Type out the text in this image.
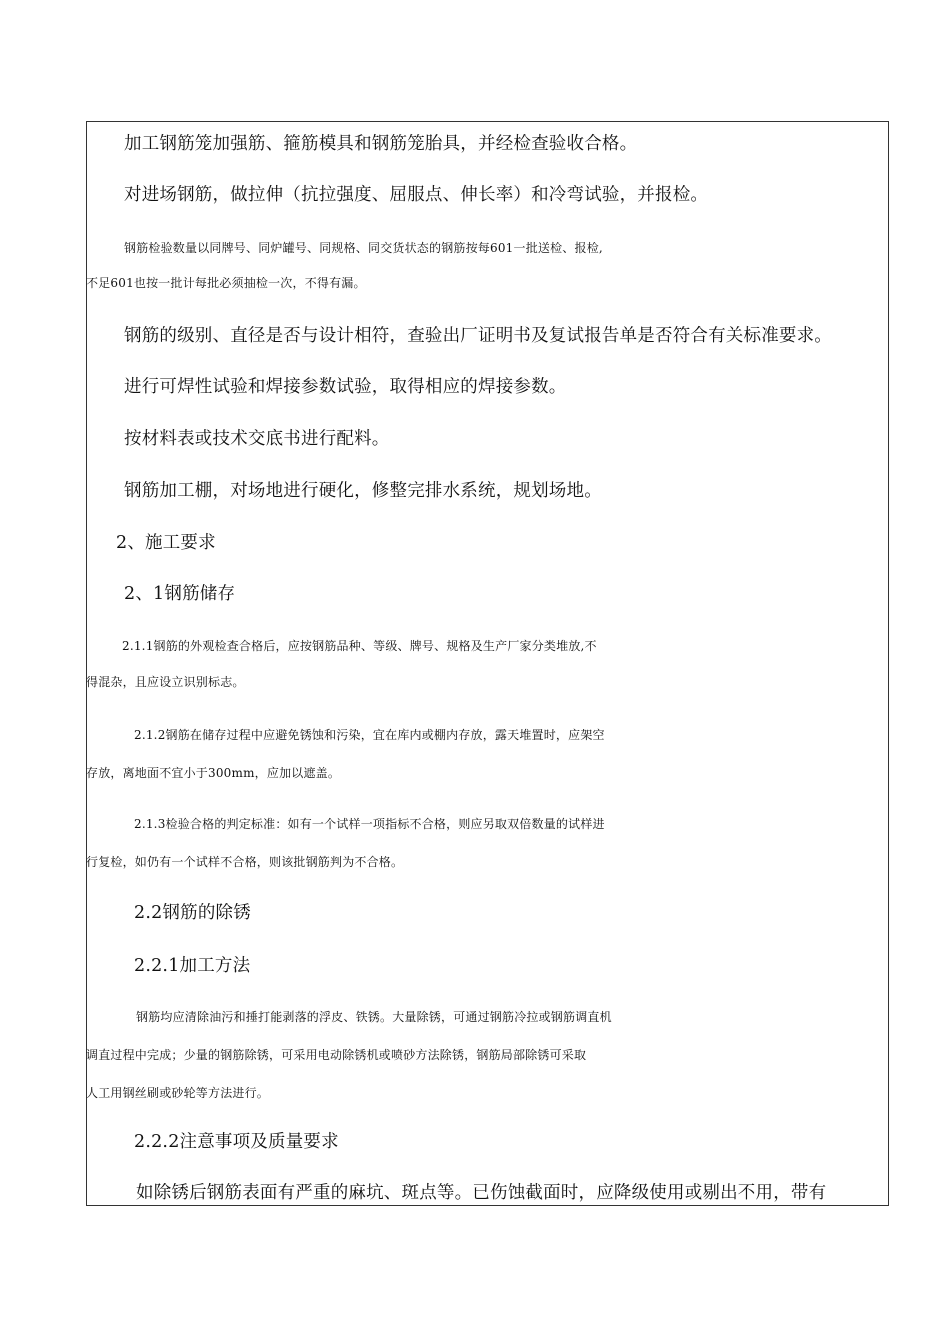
加工钢筋笼加强筋、箍筋模具和钢筋笼胎具，并经检查验收合格。
对进场钢筋，做拉伸（抗拉强度、屈服点、伸长率）和冷弯试验，并报检。
钢筋检验数量以同牌号、同炉罐号、同规格、同交货状态的钢筋按每601一批送检、报检,
不足601也按一批计每批必须抽检一次，不得有漏。
钢筋的级别、直径是否与设计相符，查验出厂证明书及复试报告单是否符合有关标准要求。
进行可焊性试验和焊接参数试验，取得相应的焊接参数。
按材料表或技术交底书进行配料。
钢筋加工棚，对场地进行硬化，修整完排水系统，规划场地。
2、施工要求
2、1钢筋储存
2.1.1钢筋的外观检查合格后，应按钢筋品种、等级、牌号、规格及生产厂家分类堆放,不
得混杂，且应设立识别标志。
2.1.2钢筋在储存过程中应避免锈蚀和污染，宜在库内或棚内存放，露天堆置时，应架空
存放，离地面不宜小于300mm，应加以遮盖。
2.1.3检验合格的判定标准：如有一个试样一项指标不合格，则应另取双倍数量的试样进
行复检，如仍有一个试样不合格，则该批钢筋判为不合格。
2.2钢筋的除锈
2.2.1加工方法
钢筋均应清除油污和捶打能剥落的浮皮、铁锈。大量除锈，可通过钢筋冷拉或钢筋调直机
调直过程中完成；少量的钢筋除锈，可采用电动除锈机或喷砂方法除锈，钢筋局部除锈可采取
人工用钢丝刷或砂轮等方法进行。
2.2.2注意事项及质量要求
如除锈后钢筋表面有严重的麻坑、斑点等。已伤蚀截面时，应降级使用或剔出不用，带有
